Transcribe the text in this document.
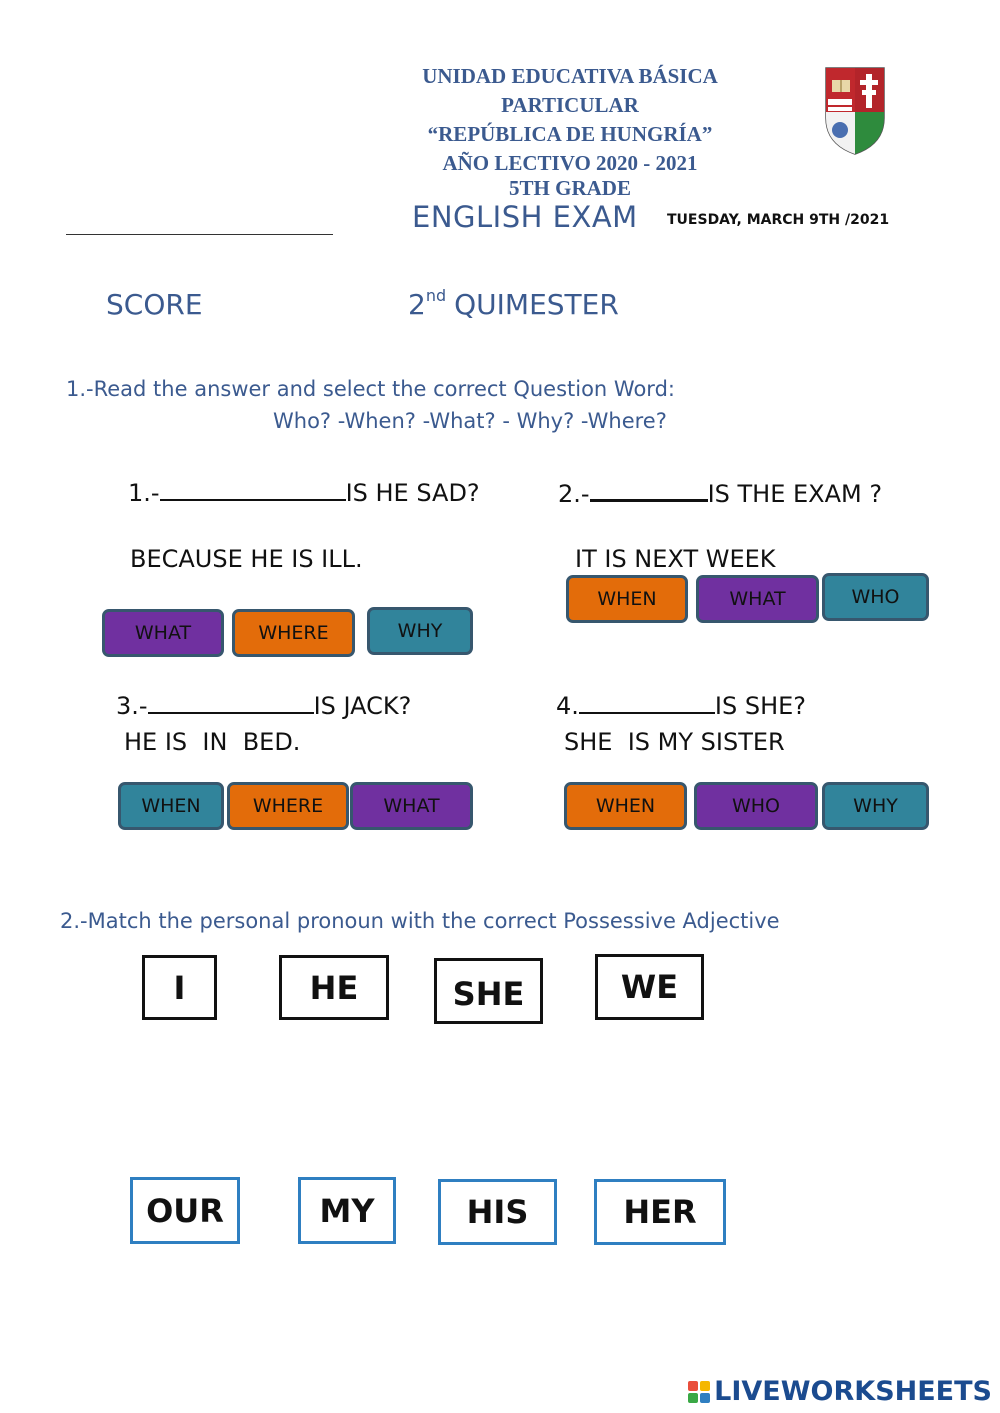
UNIDAD EDUCATIVA BÁSICA
PARTICULAR
“REPÚBLICA DE HUNGRÍA”
AÑO LECTIVO 2020 - 2021
5TH GRADE
ENGLISH EXAM TUESDAY, MARCH 9TH /2021
SCORE	2nd QUIMESTER
1.-Read the answer and select the correct Question Word:
Who? -When? -What? - Why? -Where?
1.-	IS HE SAD?
BECAUSE HE IS ILL.
WHAT	WHERE	WHY
2.-	IS THE EXAM ?
IT IS NEXT WEEK
WHEN	WHAT	WHO
3.-	IS JACK?
HE IS  IN  BED.
WHEN	WHERE	WHAT
4.	IS SHE?
SHE  IS MY SISTER
WHEN	WHO	WHY
2.-Match the personal pronoun with the correct Possessive Adjective
I	HE	SHE	WE
OUR	MY	HIS	HER
LIVEWORKSHEETS
